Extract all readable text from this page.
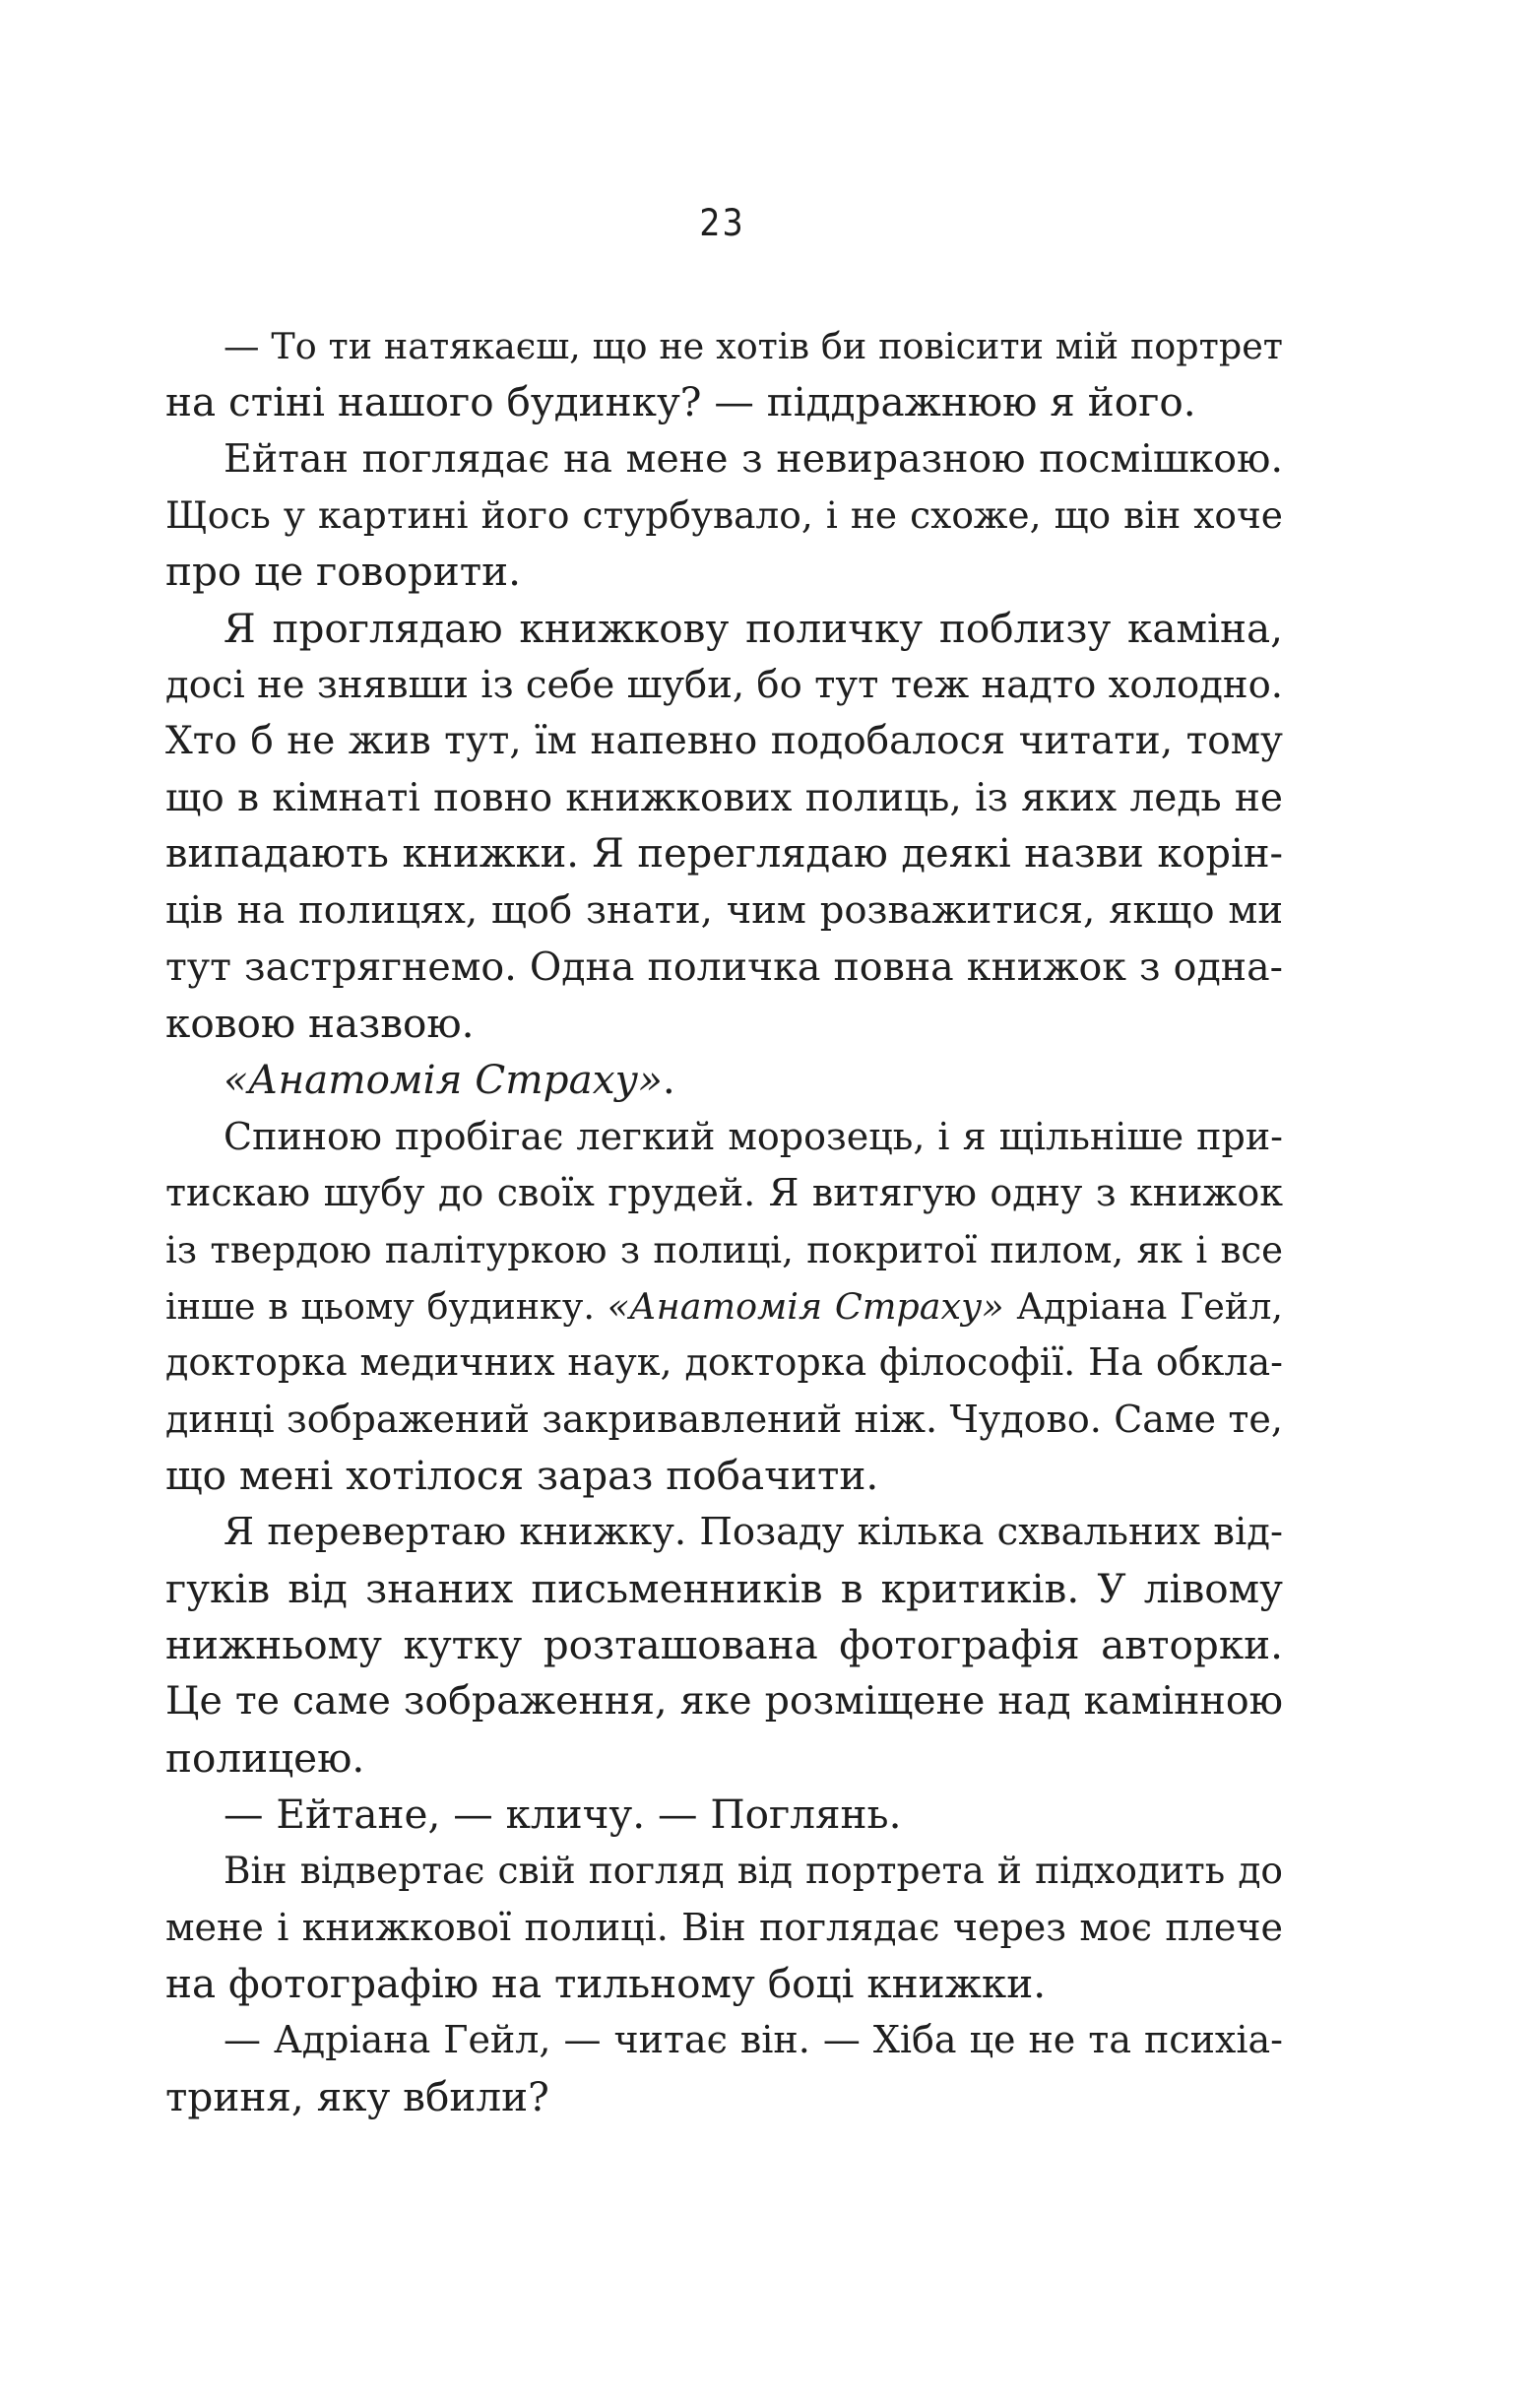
23
— То ти натякаєш, що не хотів би повісити мій портрет
на стіні нашого будинку? — піддражнюю я його.
Ейтан поглядає на мене з невиразною посмішкою.
Щось у картині його стурбувало, і не схоже, що він хоче
про це говорити.
Я проглядаю книжкову поличку поблизу каміна,
досі не знявши із себе шуби, бо тут теж надто холодно.
Хто б не жив тут, їм напевно подобалося читати, тому
що в кімнаті повно книжкових полиць, із яких ледь не
випадають книжки. Я переглядаю деякі назви корін-
ців на полицях, щоб знати, чим розважитися, якщо ми
тут застрягнемо. Одна поличка повна книжок з однa-
ковою назвою.
«Анатомія Страху».
Спиною пробігає легкий морозець, і я щільніше при-
тискаю шубу до своїх грудей. Я витягую одну з книжок
із твердою палітуркою з полиці, покритої пилом, як і все
інше в цьому будинку. «Анатомія Страху» Адріана Гейл,
докторка медичних наук, докторка філософії. На обкла-
динці зображений закривавлений ніж. Чудово. Саме те,
що мені хотілося зараз побачити.
Я перевертаю книжку. Позаду кілька схвальних від-
гуків від знаних письменників в критиків. У лівому
нижньому кутку розташована фотографія авторки.
Це те саме зображення, яке розміщене над камінною
полицею.
— Ейтане, — кличу. — Поглянь.
Він відвертає свій погляд від портрета й підходить до
мене і книжкової полиці. Він поглядає через моє плече
на фотографію на тильному боці книжки.
— Адріана Гейл, — читає він. — Хіба це не та психіа-
триня, яку вбили?
